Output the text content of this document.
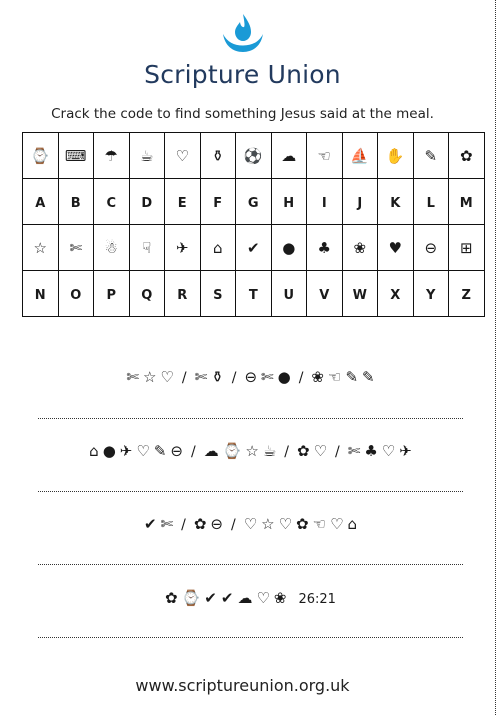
Scripture Union
Crack the code to find something Jesus said at the meal.
⌚	⌨	☂	☕	♡	⚱	⚽	☁	☜	⛵	✋	✎	✿
A	B	C	D	E	F	G	H	I	J	K	L	M
☆	✄	☃	☟	✈	⌂	✔	●	♣	❀	♥	⊖	⊞
N	O	P	Q	R	S	T	U	V	W	X	Y	Z
✄ ☆ ♡ / ✄ ⚱ / ⊖ ✄ ● / ❀ ☜ ✎ ✎
⌂ ● ✈ ♡ ✎ ⊖ / ☁ ⌚ ☆ ☕ / ✿ ♡ / ✄ ♣ ♡ ✈
✔ ✄ / ✿ ⊖ / ♡ ☆ ♡ ✿ ☜ ♡ ⌂
✿ ⌚ ✔ ✔ ☁ ♡ ❀ 26:21
www.scriptureunion.org.uk
